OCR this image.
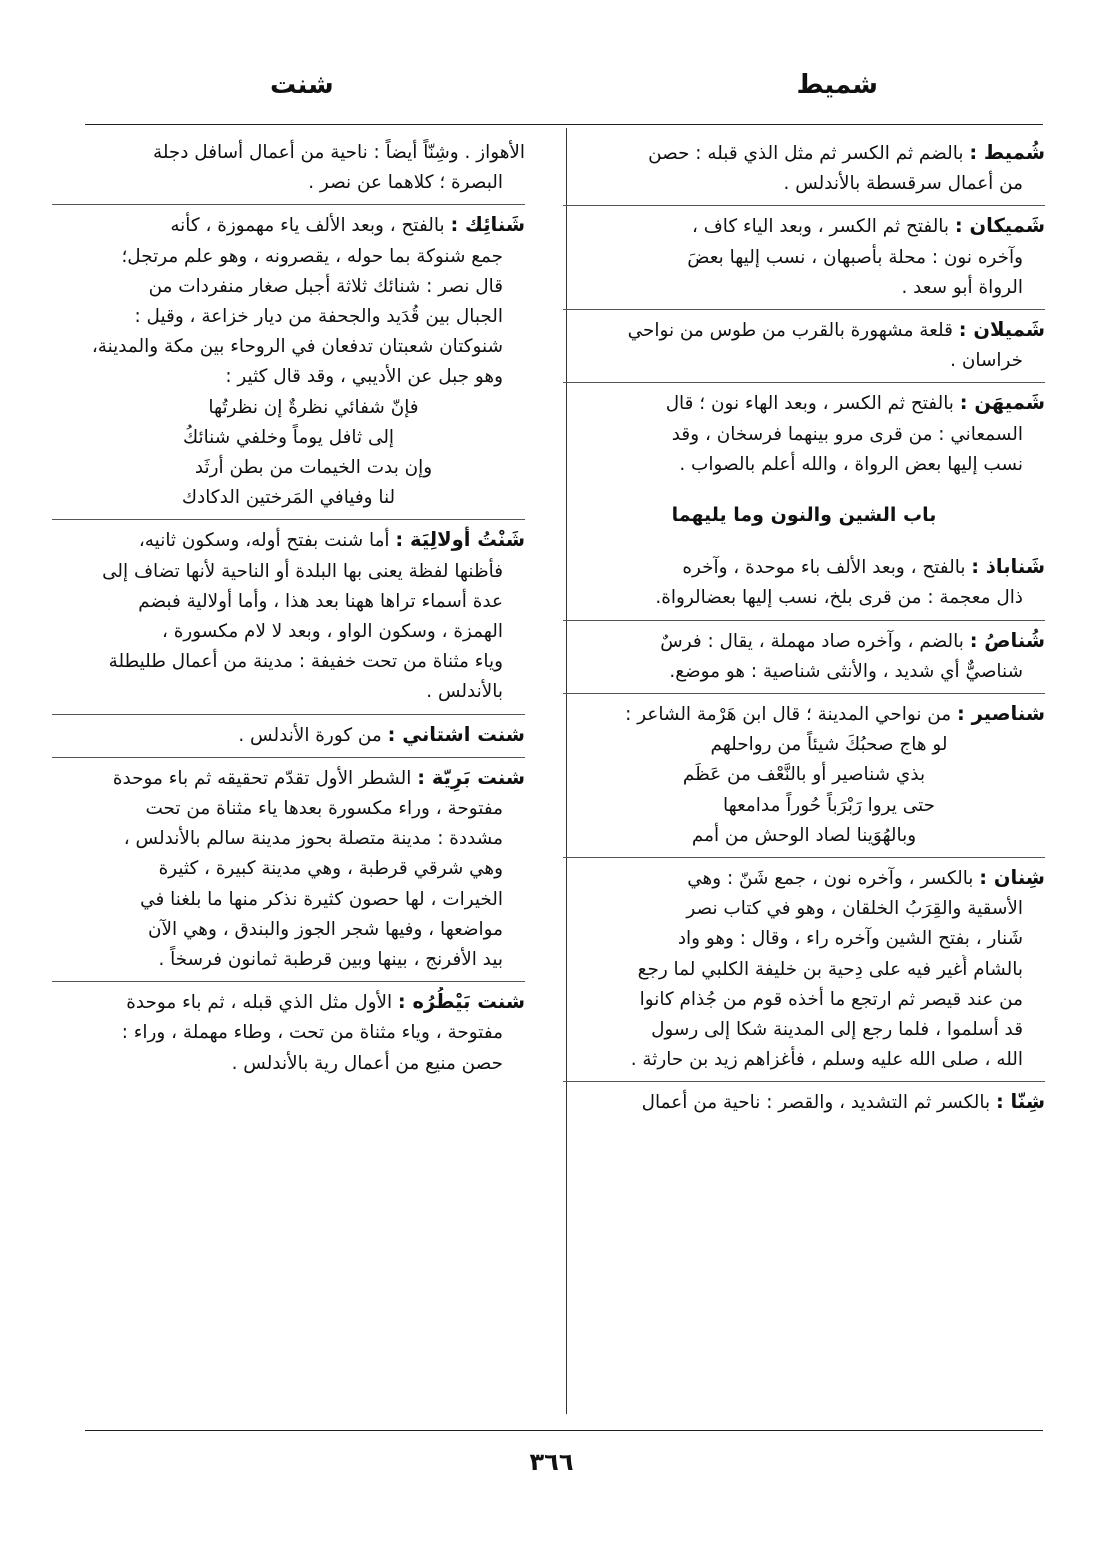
شميط
شنت
شُميط : بالضم ثم الكسر ثم مثل الذي قبله : حصن
من أعمال سرقسطة بالأندلس .
شَميكان : بالفتح ثم الكسر ، وبعد الياء كاف ،
وآخره نون : محلة بأصبهان ، نسب إليها بعضَ
الرواة أبو سعد .
شَميلان : قلعة مشهورة بالقرب من طوس من نواحي
خراسان .
شَميهَن : بالفتح ثم الكسر ، وبعد الهاء نون ؛ قال
السمعاني : من قرى مرو بينهما فرسخان ، وقد
نسب إليها بعض الرواة ، والله أعلم بالصواب .
باب الشين والنون وما يليهما
شَناباذ : بالفتح ، وبعد الألف باء موحدة ، وآخره
ذال معجمة : من قرى بلخ، نسب إليها بعضالرواة.
شُناصُ : بالضم ، وآخره صاد مهملة ، يقال : فرسٌ
شناصيٌّ أي شديد ، والأنثى شناصية : هو موضع.
شناصير : من نواحي المدينة ؛ قال ابن هَرْمة الشاعر :
لو هاج صحبُكَ شيئاً من رواحلهم
بذي شناصير أو بالنَّعْف من عَظَم
حتى يروا رَبْرَباً حُوراً مدامعها
وبالهُوَينا لصاد الوحش من أمم
شِنان : بالكسر ، وآخره نون ، جمع شَنّ : وهي
الأسقية والقِرَبُ الخلقان ، وهو في كتاب نصر
شَنار ، بفتح الشين وآخره راء ، وقال : وهو واد
بالشام أُغير فيه على دِحية بن خليفة الكلبي لما رجع
من عند قيصر ثم ارتجع ما أخذه قوم من جُذام كانوا
قد أسلموا ، فلما رجع إلى المدينة شكا إلى رسول
الله ، صلى الله عليه وسلم ، فأغزاهم زيد بن حارثة .
شِنّا : بالكسر ثم التشديد ، والقصر : ناحية من أعمال
الأهواز . وشِنّاً أيضاً : ناحية من أعمال أسافل دجلة
البصرة ؛ كلاهما عن نصر .
شَنائِك : بالفتح ، وبعد الألف ياء مهموزة ، كأنه
جمع شنوكة بما حوله ، يقصرونه ، وهو علم مرتجل؛
قال نصر : شنائك ثلاثة أجبل صغار منفردات من
الجبال بين قُدَيد والجحفة من ديار خزاعة ، وقيل :
شنوكتان شعبتان تدفعان في الروحاء بين مكة والمدينة،
وهو جبل عن الأديبي ، وقد قال كثير :
فإنّ شفائي نظرةٌ إن نظرتُها
إلى ثافل يوماً وخلفي شنائكُ
وإن بدت الخيمات من بطن أرثَد
لنا وفيافي المَرختين الدكادك
شَنْتُ أولالِيَة : أما شنت بفتح أوله، وسكون ثانيه،
فأظنها لفظة يعنى بها البلدة أو الناحية لأنها تضاف إلى
عدة أسماء تراها ههنا بعد هذا ، وأما أولالية فبضم
الهمزة ، وسكون الواو ، وبعد لا لام مكسورة ،
وياء مثناة من تحت خفيفة : مدينة من أعمال طليطلة
بالأندلس .
شنت اشتاني : من كورة الأندلس .
شنت بَرِيّة : الشطر الأول تقدّم تحقيقه ثم باء موحدة
مفتوحة ، وراء مكسورة بعدها ياء مثناة من تحت
مشددة : مدينة متصلة بحوز مدينة سالم بالأندلس ،
وهي شرقي قرطبة ، وهي مدينة كبيرة ، كثيرة
الخيرات ، لها حصون كثيرة نذكر منها ما بلغنا في
مواضعها ، وفيها شجر الجوز والبندق ، وهي الآن
بيد الأفرنج ، بينها وبين قرطبة ثمانون فرسخاً .
شنت بَيْطُرُه : الأول مثل الذي قبله ، ثم باء موحدة
مفتوحة ، وياء مثناة من تحت ، وطاء مهملة ، وراء :
حصن منيع من أعمال رية بالأندلس .
٣٦٦
